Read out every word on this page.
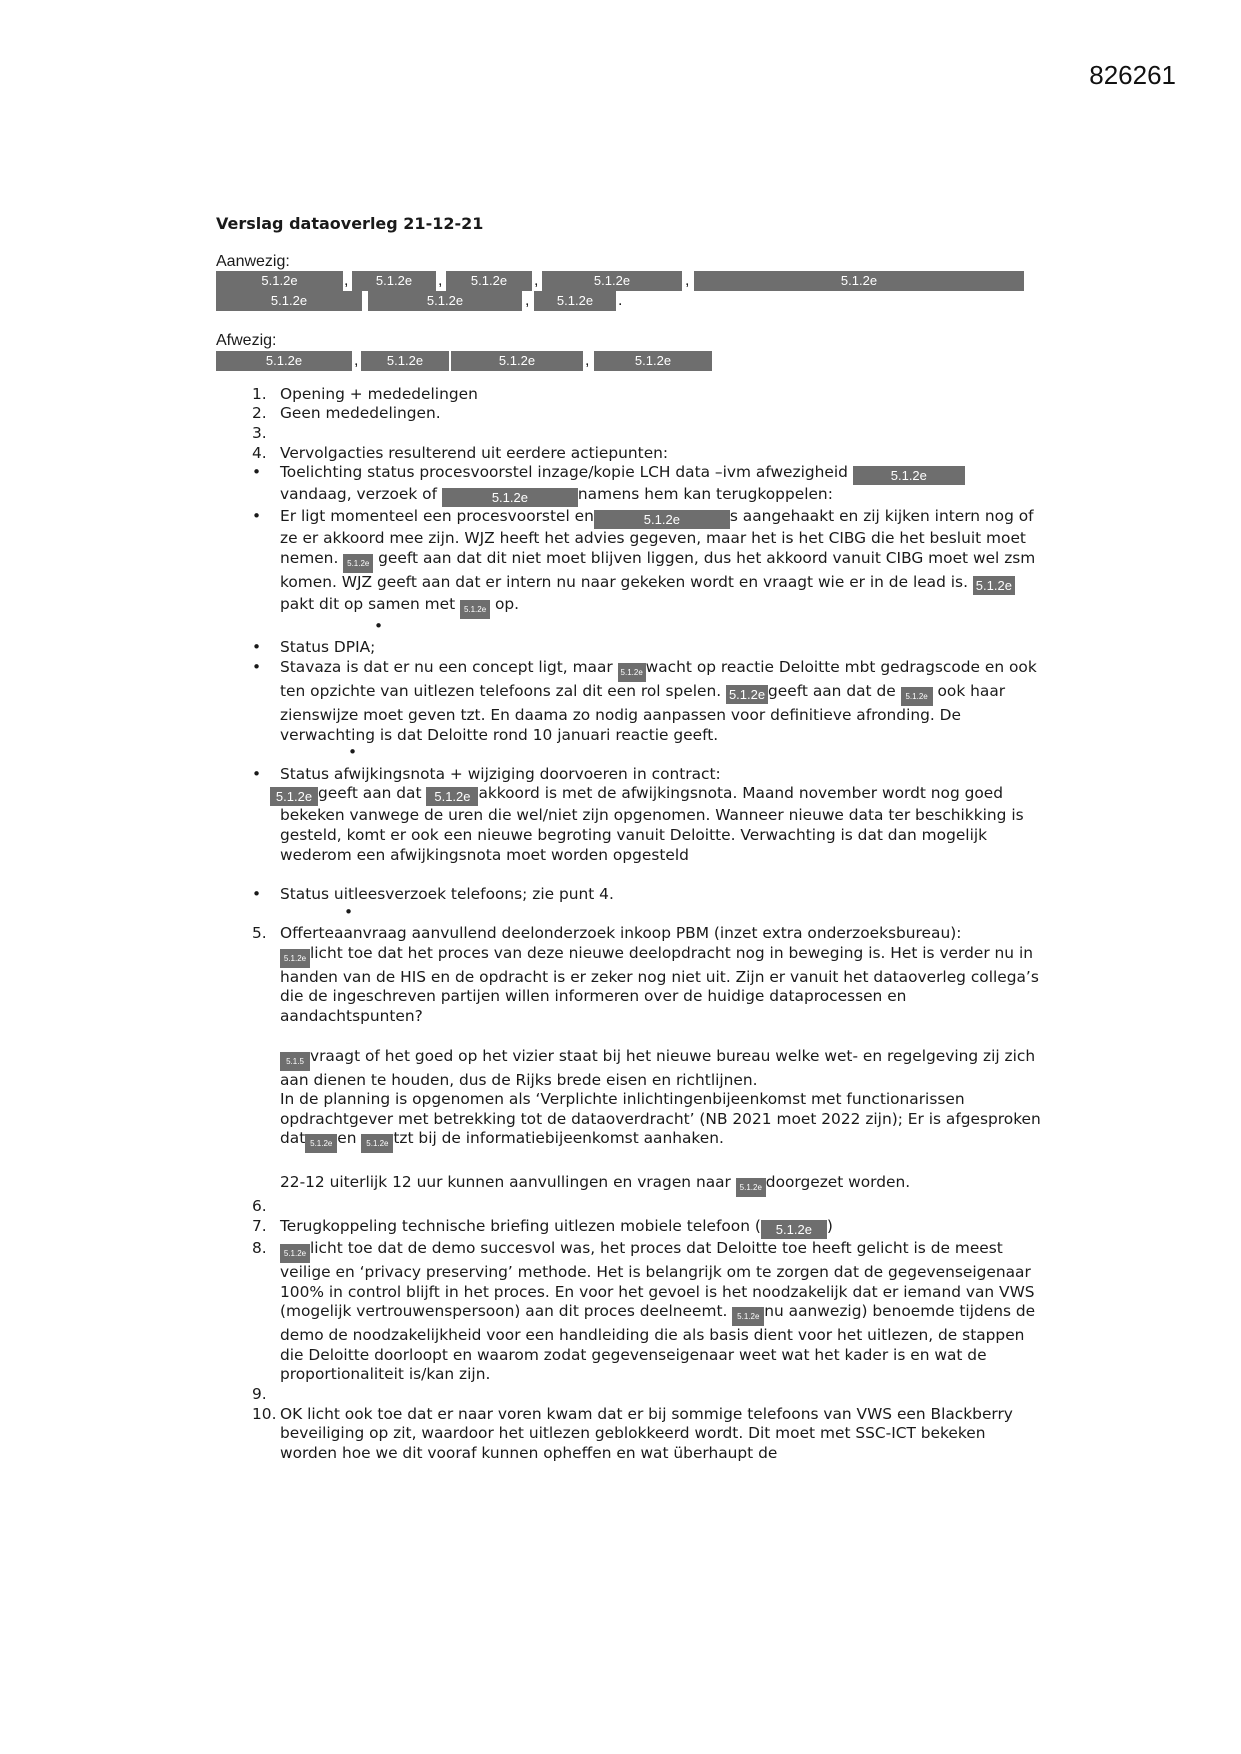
826261
Verslag dataoverleg 21-12-21
Aanwezig:
5.1.2e	,	5.1.2e	,	5.1.2e	,	5.1.2e	,	5.1.2e
5.1.2e	5.1.2e	,	5.1.2e	.
Afwezig:
5.1.2e	,	5.1.2e	5.1.2e	,	5.1.2e
1. Opening + mededelingen
2. Geen mededelingen.
3.
4. Vervolgacties resulterend uit eerdere actiepunten:
• Toelichting status procesvoorstel inzage/kopie LCH data –ivm afwezigheid	5.1.2e
vandaag, verzoek of	5.1.2e	namens hem kan terugkoppelen:
• Er ligt momenteel een procesvoorstel en	5.1.2e	s aangehaakt en zij kijken intern nog of ze er akkoord mee zijn. WJZ heeft het advies gegeven, maar het is het CIBG die het besluit moet nemen. 5.1.2e geeft aan dat dit niet moet blijven liggen, dus het akkoord vanuit CIBG moet wel zsm komen. WJZ geeft aan dat er intern nu naar gekeken wordt en vraagt wie er in de lead is. 5.1.2e pakt dit op samen met 5.1.2e op.
•
• Status DPIA;
• Stavaza is dat er nu een concept ligt, maar 5.1.2e wacht op reactie Deloitte mbt gedragscode en ook ten opzichte van uitlezen telefoons zal dit een rol spelen. 5.1.2e geeft aan dat de 5.1.2e ook haar zienswijze moet geven tzt. En daama zo nodig aanpassen voor definitieve afronding. De verwachting is dat Deloitte rond 10 januari reactie geeft.
•
• Status afwijkingsnota + wijziging doorvoeren in contract:
5.1.2e geeft aan dat 5.1.2e akkoord is met de afwijkingsnota. Maand november wordt nog goed bekeken vanwege de uren die wel/niet zijn opgenomen. Wanneer nieuwe data ter beschikking is gesteld, komt er ook een nieuwe begroting vanuit Deloitte. Verwachting is dat dan mogelijk wederom een afwijkingsnota moet worden opgesteld
• Status uitleesverzoek telefoons; zie punt 4.
•
5. Offerteaanvraag aanvullend deelonderzoek inkoop PBM (inzet extra onderzoeksbureau):
5.1.2e licht toe dat het proces van deze nieuwe deelopdracht nog in beweging is. Het is verder nu in handen van de HIS en de opdracht is er zeker nog niet uit. Zijn er vanuit het dataoverleg collega’s die de ingeschreven partijen willen informeren over de huidige dataprocessen en aandachtspunten?
5.1.5 vraagt of het goed op het vizier staat bij het nieuwe bureau welke wet- en regelgeving zij zich aan dienen te houden, dus de Rijks brede eisen en richtlijnen.
In de planning is opgenomen als ‘Verplichte inlichtingenbijeenkomst met functionarissen opdrachtgever met betrekking tot de dataoverdracht’ (NB 2021 moet 2022 zijn); Er is afgesproken dat 5.1.2e en 5.1.2e tzt bij de informatiebijeenkomst aanhaken.
22-12 uiterlijk 12 uur kunnen aanvullingen en vragen naar 5.1.2e doorgezet worden.
6.
7. Terugkoppeling technische briefing uitlezen mobiele telefoon ( 5.1.2e )
8.	5.1.2e licht toe dat de demo succesvol was, het proces dat Deloitte toe heeft gelicht is de meest veilige en ‘privacy preserving’ methode. Het is belangrijk om te zorgen dat de gegevenseigenaar 100% in control blijft in het proces. En voor het gevoel is het noodzakelijk dat er iemand van VWS (mogelijk vertrouwenspersoon) aan dit proces deelneemt. 5.1.2e nu aanwezig) benoemde tijdens de demo de noodzakelijkheid voor een handleiding die als basis dient voor het uitlezen, de stappen die Deloitte doorloopt en waarom zodat gegevenseigenaar weet wat het kader is en wat de proportionaliteit is/kan zijn.
9.
10. OK licht ook toe dat er naar voren kwam dat er bij sommige telefoons van VWS een Blackberry beveiliging op zit, waardoor het uitlezen geblokkeerd wordt. Dit moet met SSC-ICT bekeken worden hoe we dit vooraf kunnen opheffen en wat überhaupt de
